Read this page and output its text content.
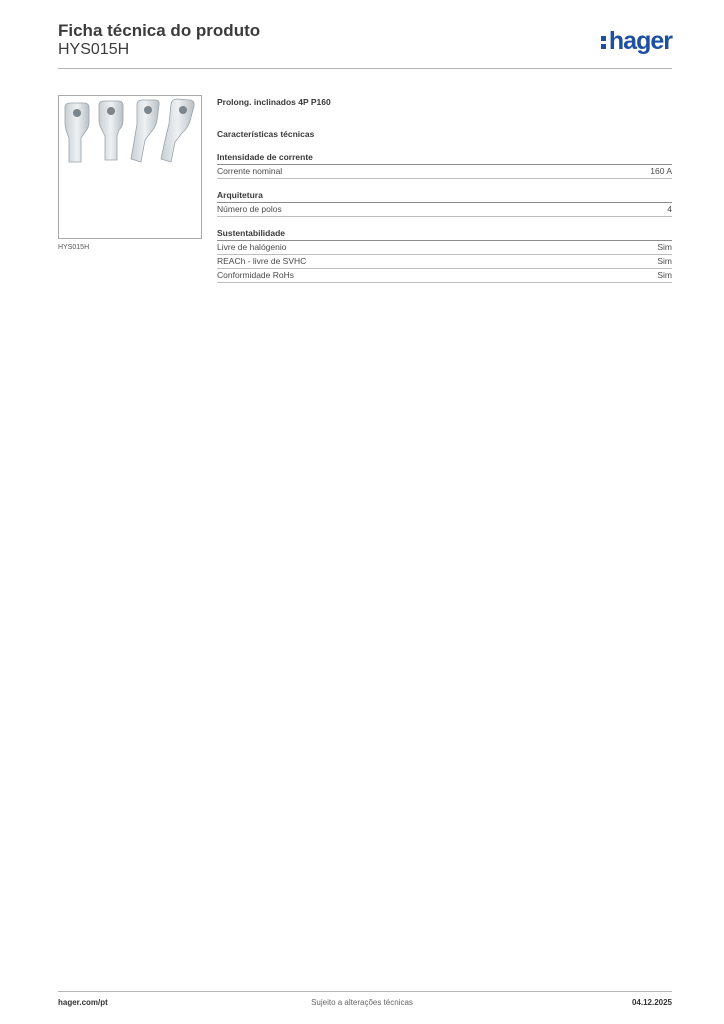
Ficha técnica do produto
HYS015H	hager
HYS015H
Prolong. inclinados 4P P160
Características técnicas
Intensidade de corrente
Corrente nominal	160 A
Arquitetura
Número de polos	4
Sustentabilidade
Livre de halógenio	Sim
REACh - livre de SVHC	Sim
Conformidade RoHs	Sim
hager.com/pt	Sujeito a alterações técnicas	04.12.2025
